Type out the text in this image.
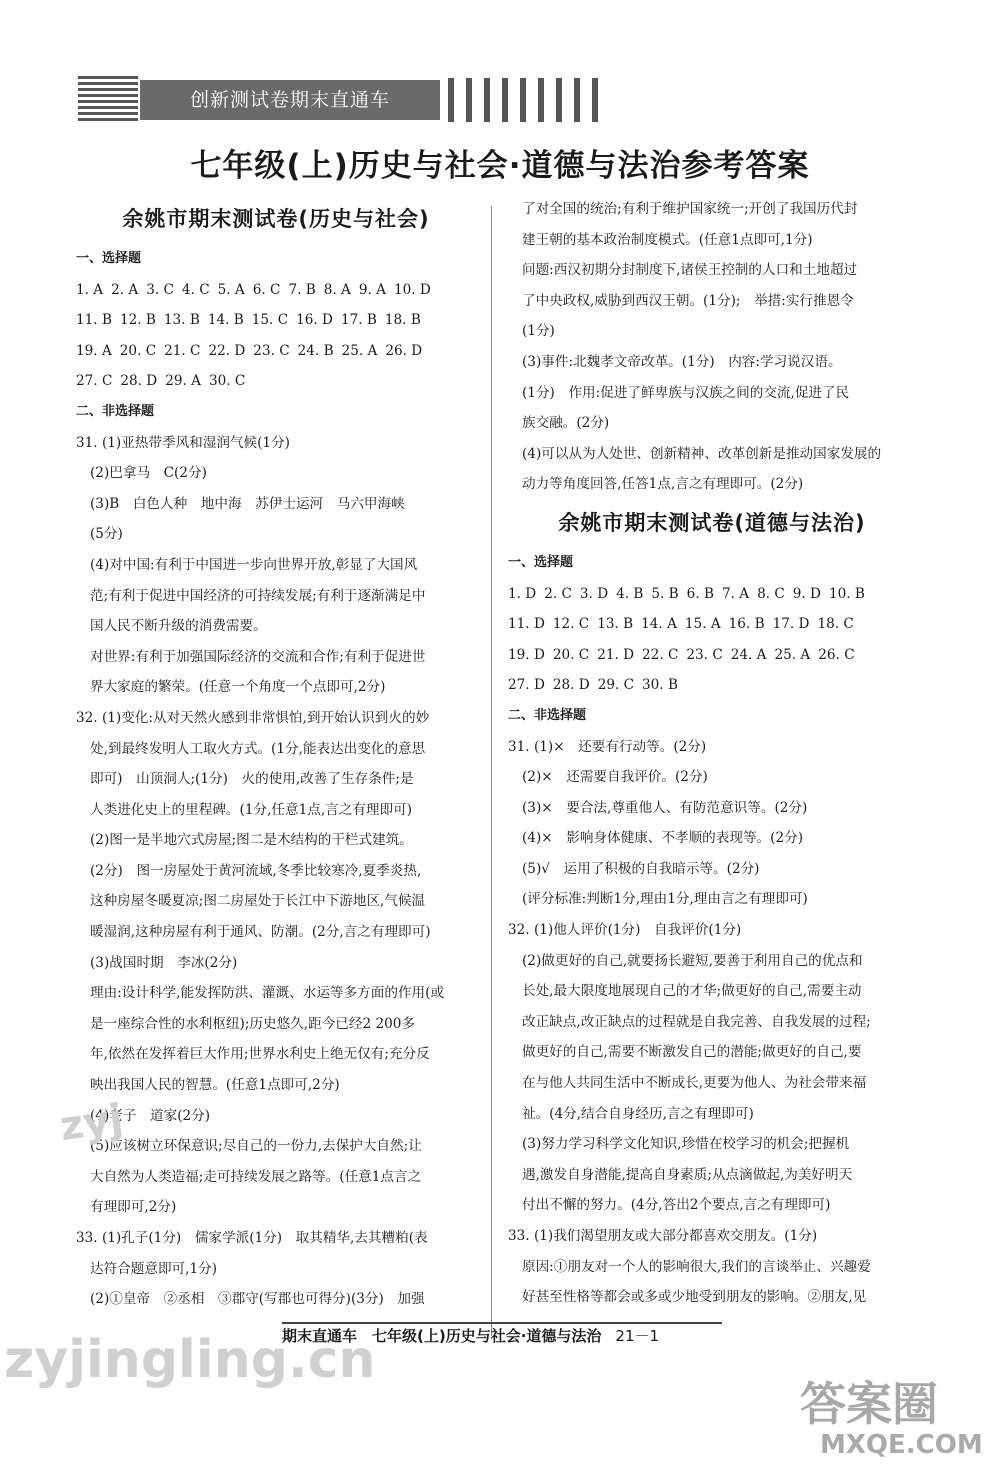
创新测试卷期末直通车
七年级(上)历史与社会·道德与法治参考答案
余姚市期末测试卷(历史与社会)
一、选择题
1. A 2. A 3. C 4. C 5. A 6. C 7. B 8. A 9. A 10. D
11. B 12. B 13. B 14. B 15. C 16. D 17. B 18. B
19. A 20. C 21. C 22. D 23. C 24. B 25. A 26. D
27. C 28. D 29. A 30. C
二、非选择题
31. (1)亚热带季风和湿润气候(1分)
(2)巴拿马　C(2分)
(3)B　白色人种　地中海　苏伊士运河　马六甲海峡
(5分)
(4)对中国:有利于中国进一步向世界开放,彰显了大国风
范;有利于促进中国经济的可持续发展;有利于逐渐满足中
国人民不断升级的消费需要。
对世界:有利于加强国际经济的交流和合作;有利于促进世
界大家庭的繁荣。(任意一个角度一个点即可,2分)
32. (1)变化:从对天然火感到非常惧怕,到开始认识到火的妙
处,到最终发明人工取火方式。(1分,能表达出变化的意思
即可)　山顶洞人;(1分)　火的使用,改善了生存条件;是
人类进化史上的里程碑。(1分,任意1点,言之有理即可)
(2)图一是半地穴式房屋;图二是木结构的干栏式建筑。
(2分)　图一房屋处于黄河流域,冬季比较寒冷,夏季炎热,
这种房屋冬暖夏凉;图二房屋处于长江中下游地区,气候温
暖湿润,这种房屋有利于通风、防潮。(2分,言之有理即可)
(3)战国时期　李冰(2分)
理由:设计科学,能发挥防洪、灌溉、水运等多方面的作用(或
是一座综合性的水利枢纽);历史悠久,距今已经2 200多
年,依然在发挥着巨大作用;世界水利史上绝无仅有;充分反
映出我国人民的智慧。(任意1点即可,2分)
(4)老子　道家(2分)
(5)应该树立环保意识;尽自己的一份力,去保护大自然;让
大自然为人类造福;走可持续发展之路等。(任意1点言之
有理即可,2分)
33. (1)孔子(1分)　儒家学派(1分)　取其精华,去其糟粕(表
达符合题意即可,1分)
(2)①皇帝　②丞相　③郡守(写郡也可得分)(3分)　加强
了对全国的统治;有利于维护国家统一;开创了我国历代封
建王朝的基本政治制度模式。(任意1点即可,1分)
问题:西汉初期分封制度下,诸侯王控制的人口和土地超过
了中央政权,威胁到西汉王朝。(1分);　举措:实行推恩令
(1分)
(3)事件:北魏孝文帝改革。(1分)　内容:学习说汉语。
(1分)　作用:促进了鲜卑族与汉族之间的交流,促进了民
族交融。(2分)
(4)可以从为人处世、创新精神、改革创新是推动国家发展的
动力等角度回答,任答1点,言之有理即可。(2分)
余姚市期末测试卷(道德与法治)
一、选择题
1. D 2. C 3. D 4. B 5. B 6. B 7. A 8. C 9. D 10. B
11. D 12. C 13. B 14. A 15. A 16. B 17. D 18. C
19. D 20. C 21. D 22. C 23. C 24. A 25. A 26. C
27. D 28. D 29. C 30. B
二、非选择题
31. (1)×　还要有行动等。(2分)
(2)×　还需要自我评价。(2分)
(3)×　要合法,尊重他人、有防范意识等。(2分)
(4)×　影响身体健康、不孝顺的表现等。(2分)
(5)√　运用了积极的自我暗示等。(2分)
(评分标准:判断1分,理由1分,理由言之有理即可)
32. (1)他人评价(1分)　自我评价(1分)
(2)做更好的自己,就要扬长避短,要善于利用自己的优点和
长处,最大限度地展现自己的才华;做更好的自己,需要主动
改正缺点,改正缺点的过程就是自我完善、自我发展的过程;
做更好的自己,需要不断激发自己的潜能;做更好的自己,要
在与他人共同生活中不断成长,更要为他人、为社会带来福
祉。(4分,结合自身经历,言之有理即可)
(3)努力学习科学文化知识,珍惜在校学习的机会;把握机
遇,激发自身潜能,提高自身素质;从点滴做起,为美好明天
付出不懈的努力。(4分,答出2个要点,言之有理即可)
33. (1)我们渴望朋友或大部分都喜欢交朋友。(1分)
原因:①朋友对一个人的影响很大,我们的言谈举止、兴趣爱
好甚至性格等都会或多或少地受到朋友的影响。②朋友,见
期末直通车　七年级(上)历史与社会·道德与法治 21－1
zyj
zyjingling.cn
答案圈
MXQE.COM
